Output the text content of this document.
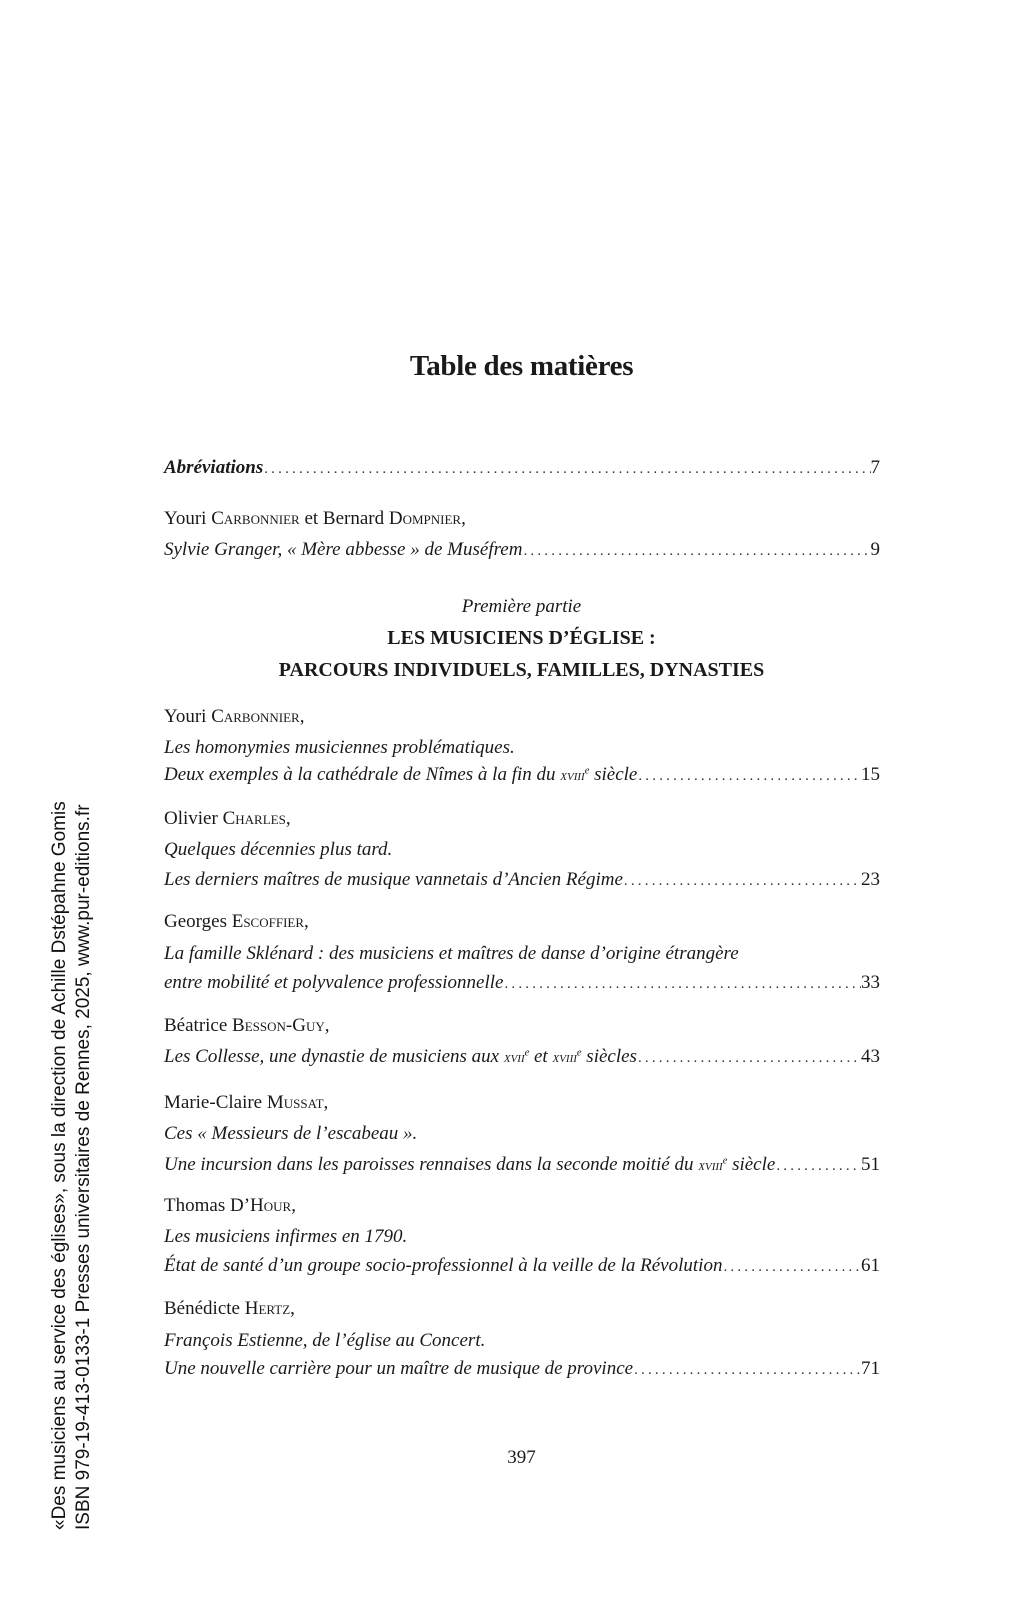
Table des matières
Abréviations .....	7
Youri Carbonnier et Bernard Dompnier,
Sylvie Granger, « Mère abbesse » de Muséfrem .....	9
Première partie
LES MUSICIENS D’ÉGLISE :
PARCOURS INDIVIDUELS, FAMILLES, DYNASTIES
Youri Carbonnier,
Les homonymies musiciennes problématiques.
Deux exemples à la cathédrale de Nîmes à la fin du xviii$^e$ siècle .....	15
Olivier Charles,
Quelques décennies plus tard.
Les derniers maîtres de musique vannetais d’Ancien Régime .....	23
Georges Escoffier,
La famille Sklénard : des musiciens et maîtres de danse d’origine étrangère
entre mobilité et polyvalence professionnelle .....	33
Béatrice Besson-Guy,
Les Collesse, une dynastie de musiciens aux xvii$^e$ et xviii$^e$ siècles .....	43
Marie-Claire Mussat,
Ces « Messieurs de l’escabeau ».
Une incursion dans les paroisses rennaises dans la seconde moitié du xviii$^e$ siècle .....	51
Thomas D’Hour,
Les musiciens infirmes en 1790.
État de santé d’un groupe socio-professionnel à la veille de la Révolution .....	61
Bénédicte Hertz,
François Estienne, de l’église au Concert.
Une nouvelle carrière pour un maître de musique de province .....	71
397
«Des musiciens au service des églises», sous la direction de Achille Dstépahne Gomis ISBN 979-19-413-0133-1 Presses universitaires de Rennes, 2025, www.pur-editions.fr
